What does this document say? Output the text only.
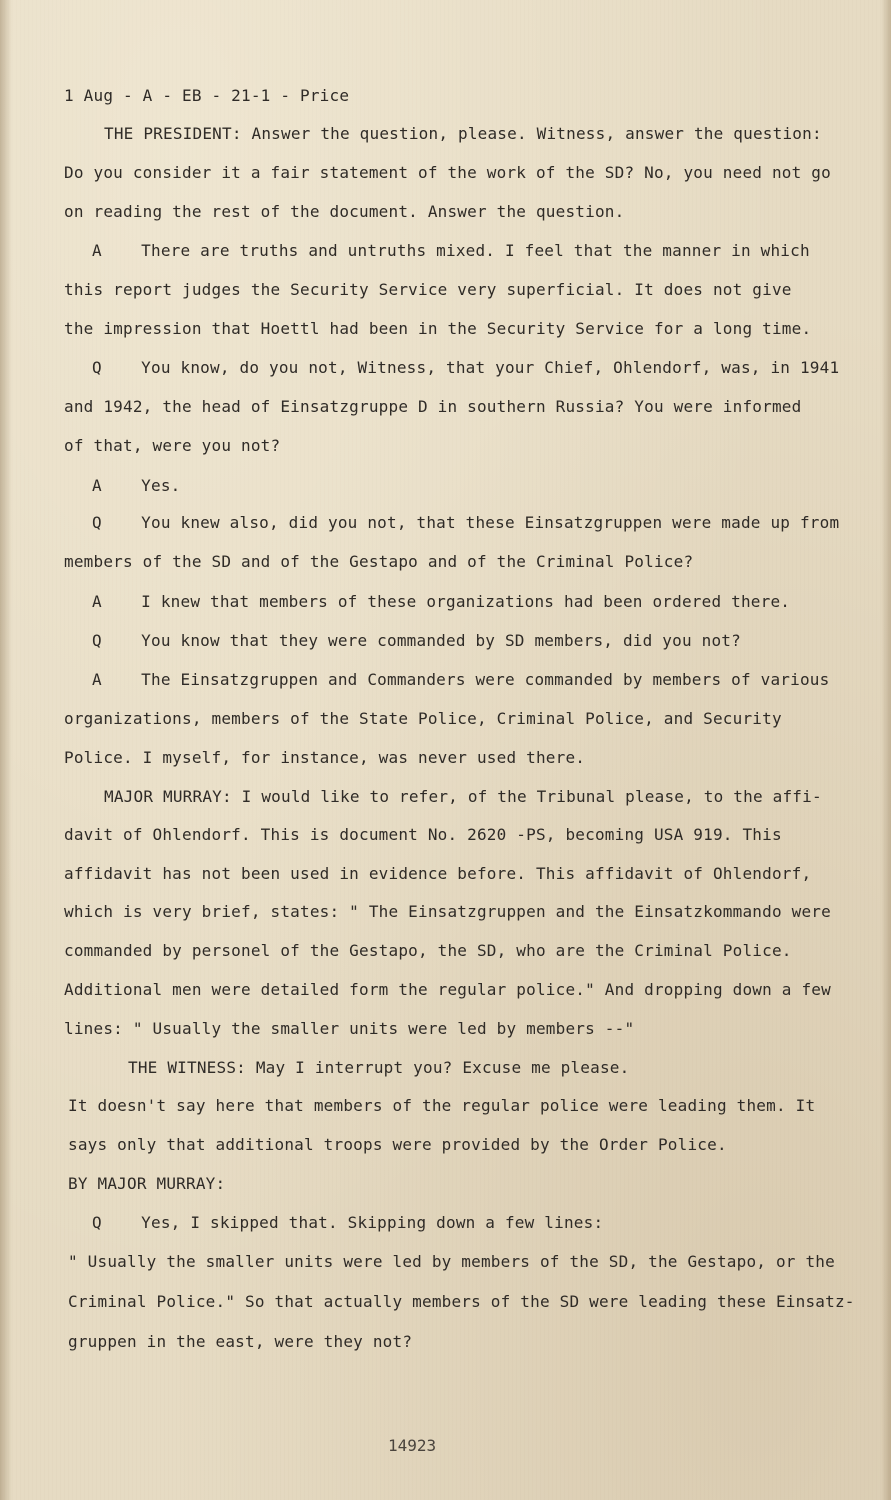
1 Aug - A - EB - 21-1 - Price
THE PRESIDENT: Answer the question, please. Witness, answer the question:
Do you consider it a fair statement of the work of the SD? No, you need not go
on reading the rest of the document. Answer the question.
A    There are truths and untruths mixed. I feel that the manner in which
this report judges the Security Service very superficial. It does not give
the impression that Hoettl had been in the Security Service for a long time.
Q    You know, do you not, Witness, that your Chief, Ohlendorf, was, in 1941
and 1942, the head of Einsatzgruppe D in southern Russia? You were informed
of that, were you not?
A    Yes.
Q    You knew also, did you not, that these Einsatzgruppen were made up from
members of the SD and of the Gestapo and of the Criminal Police?
A    I knew that members of these organizations had been ordered there.
Q    You know that they were commanded by SD members, did you not?
A    The Einsatzgruppen and Commanders were commanded by members of various
organizations, members of the State Police, Criminal Police, and Security
Police. I myself, for instance, was never used there.
MAJOR MURRAY: I would like to refer, of the Tribunal please, to the affi-
davit of Ohlendorf. This is document No. 2620 -PS, becoming USA 919. This
affidavit has not been used in evidence before. This affidavit of Ohlendorf,
which is very brief, states: " The Einsatzgruppen and the Einsatzkommando were
commanded by personel of the Gestapo, the SD, who are the Criminal Police.
Additional men were detailed form the regular police." And dropping down a few
lines: " Usually the smaller units were led by members --"
THE WITNESS: May I interrupt you? Excuse me please.
It doesn't say here that members of the regular police were leading them. It
says only that additional troops were provided by the Order Police.
BY MAJOR MURRAY:
Q    Yes, I skipped that. Skipping down a few lines:
" Usually the smaller units were led by members of the SD, the Gestapo, or the
Criminal Police." So that actually members of the SD were leading these Einsatz-
gruppen in the east, were they not?
14923
